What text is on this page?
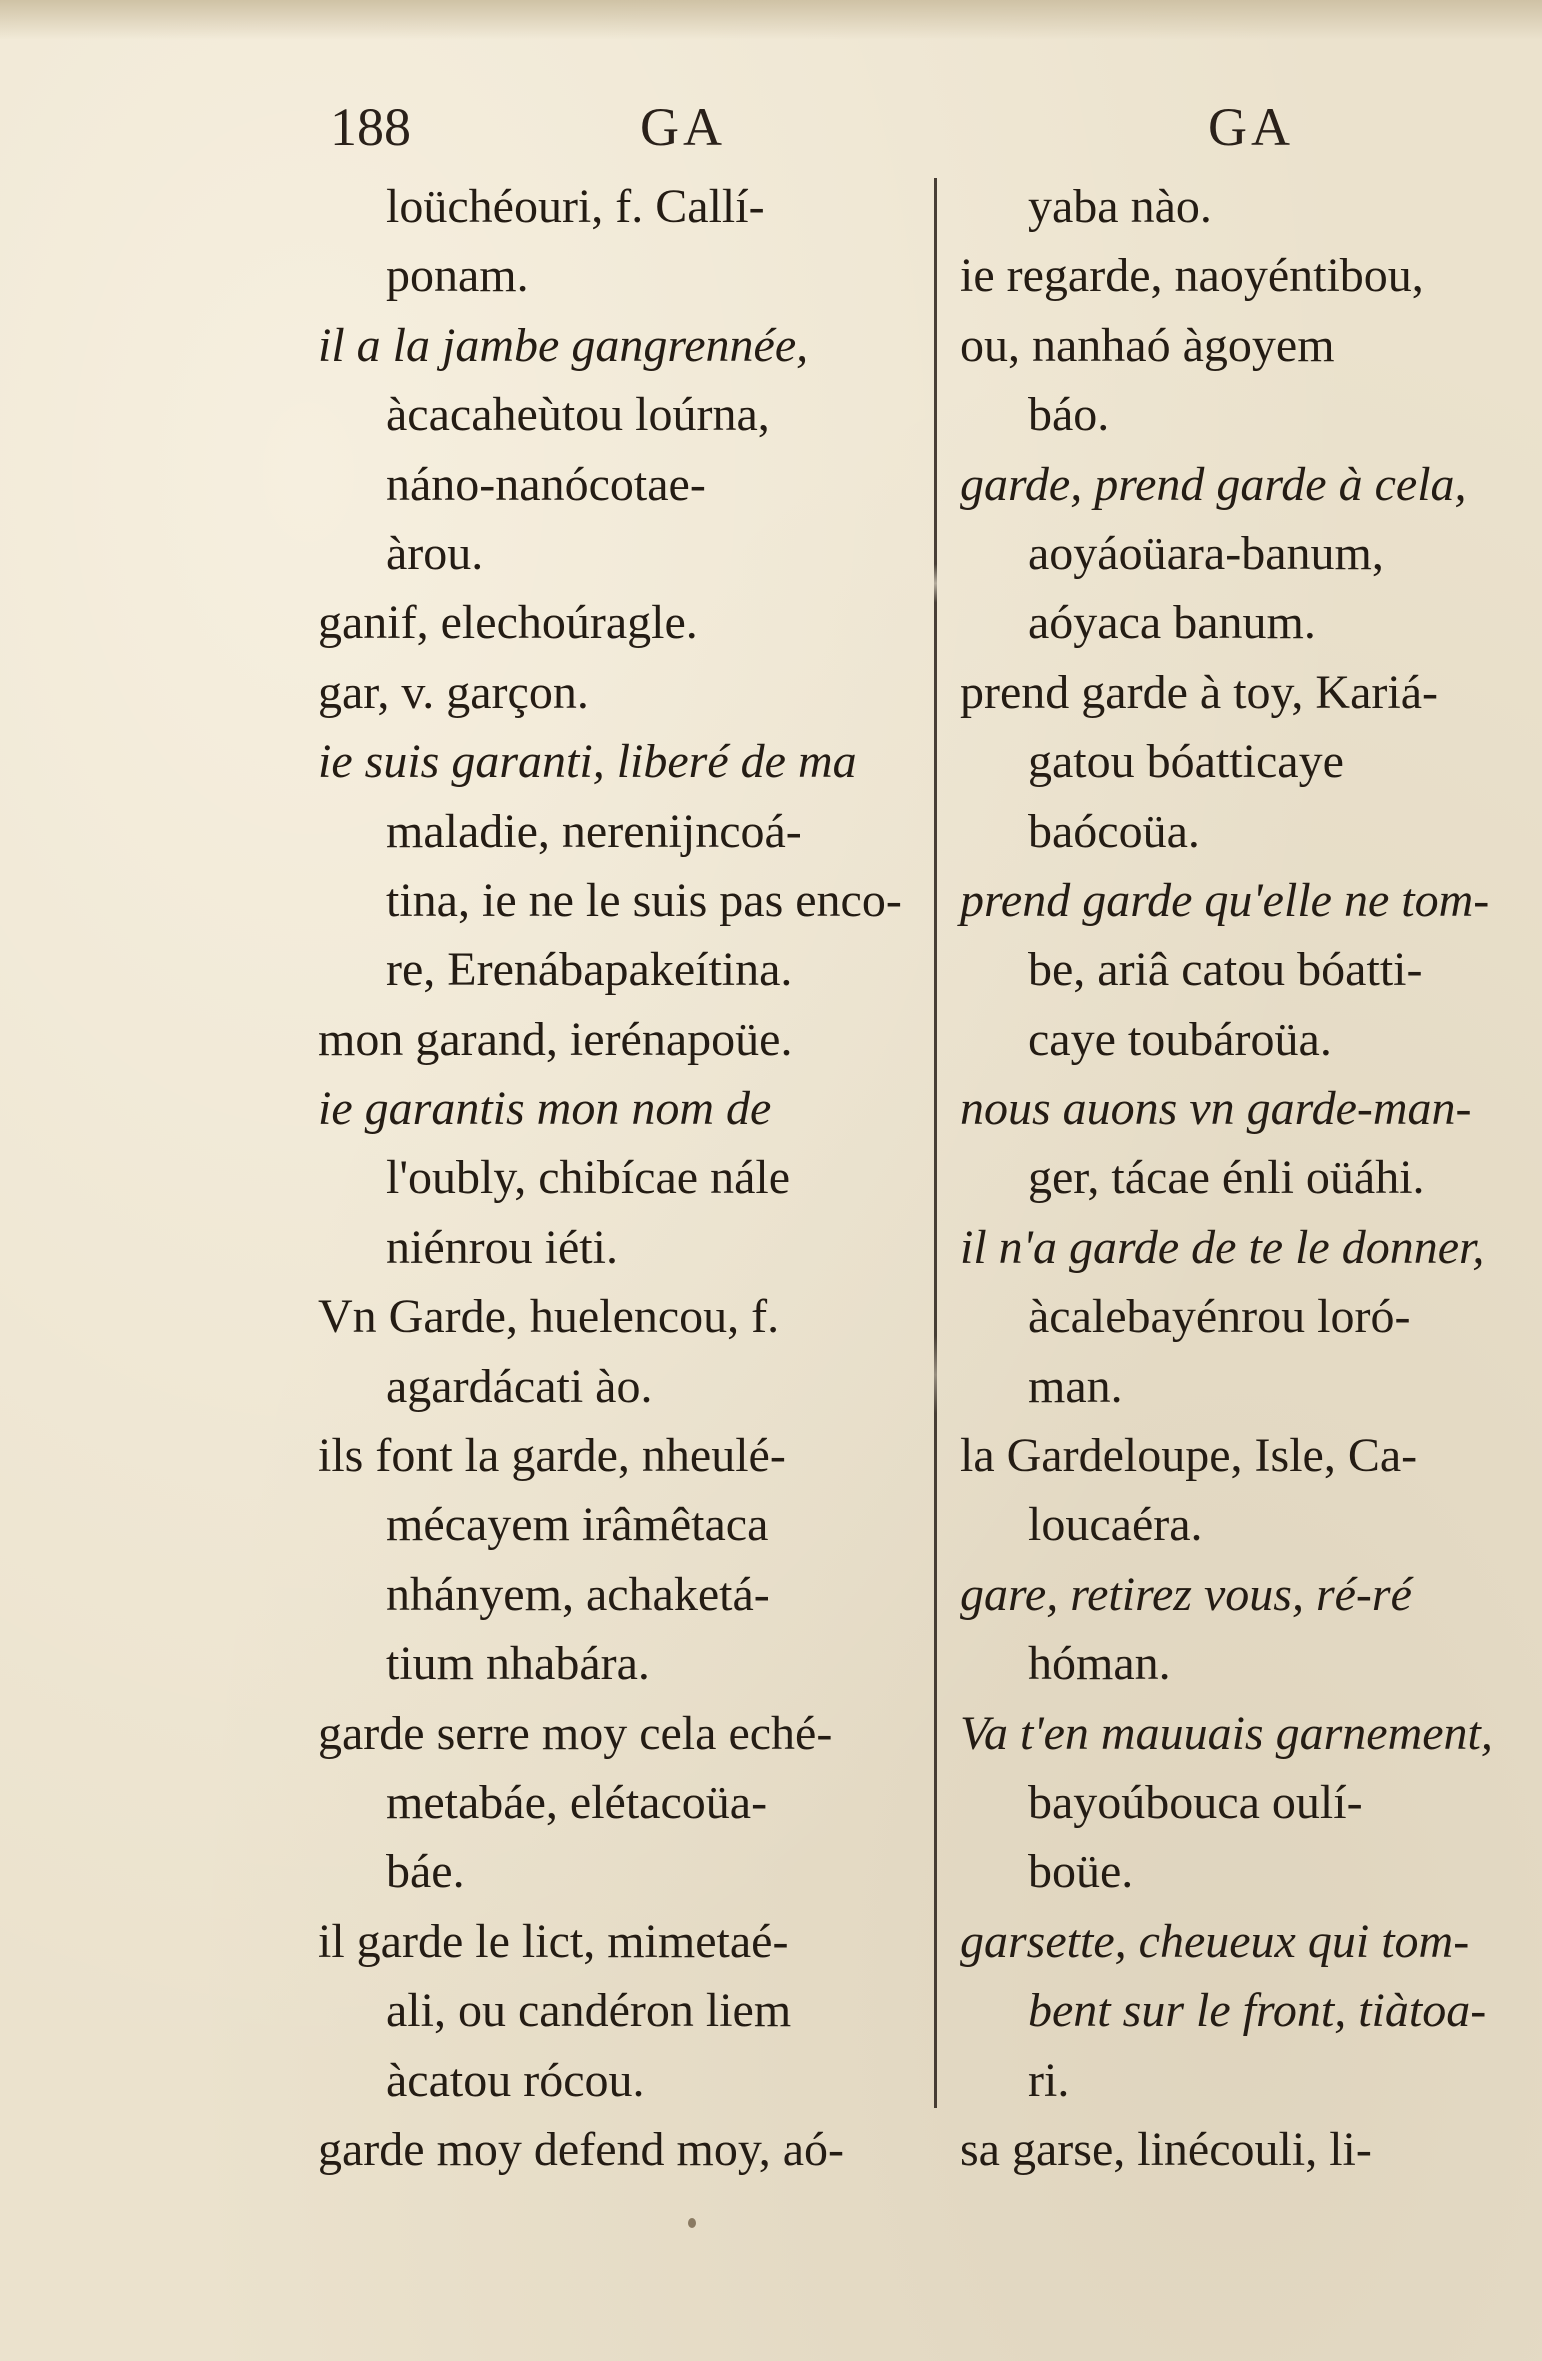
188	GA	GA
loüchéouri, f. Callí-
ponam.
il a la jambe gangrennée,
àcacaheùtou loúrna,
náno-nanócotae-
àrou.
ganif, elechoúragle.
gar, v. garçon.
ie suis garanti, liberé de ma
maladie, nerenijncoá-
tina, ie ne le suis pas enco-
re, Erenábapakeítina.
mon garand, ierénapoüe.
ie garantis mon nom de
l'oubly, chibícae nále
niénrou iéti.
Vn Garde, huelencou, f.
agardácati ào.
ils font la garde, nheulé-
mécayem irâmêtaca
nhányem, achaketá-
tium nhabára.
garde serre moy cela eché-
metabáe, elétacoüa-
báe.
il garde le lict, mimetaé-
ali, ou candéron liem
àcatou rócou.
garde moy defend moy, aó-
yaba nào.
ie regarde, naoyéntibou,
ou, nanhaó àgoyem
báo.
garde, prend garde à cela,
aoyáoüara-banum,
aóyaca banum.
prend garde à toy, Kariá-
gatou bóatticaye
baócoüa.
prend garde qu'elle ne tom-
be, ariâ catou bóatti-
caye toubároüa.
nous auons vn garde-man-
ger, tácae énli oüáhi.
il n'a garde de te le donner,
àcalebayénrou loró-
man.
la Gardeloupe, Isle, Ca-
loucaéra.
gare, retirez vous, ré-ré
hóman.
Va t'en mauuais garnement,
bayoúbouca oulí-
boüe.
garsette, cheueux qui tom-
bent sur le front, tiàtoa-
ri.
sa garse, linécouli, li-
